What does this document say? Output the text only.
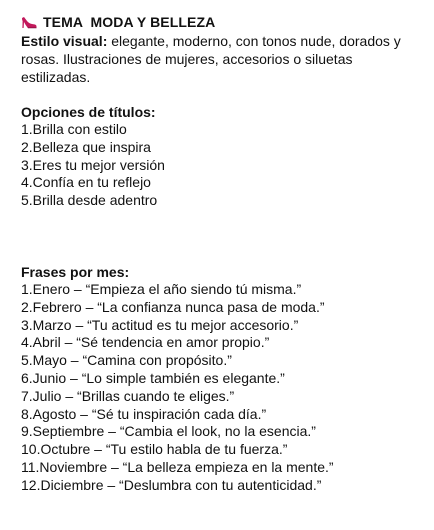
TEMA  MODA Y BELLEZA

Estilo visual: elegante, moderno, con tonos nude, dorados y rosas. Ilustraciones de mujeres, accesorios o siluetas estilizadas.

Opciones de títulos:

1.Brilla con estilo
2.Belleza que inspira
3.Eres tu mejor versión
4.Confía en tu reflejo
5.Brilla desde adentro

Frases por mes:

1.Enero – “Empieza el año siendo tú misma.”
2.Febrero – “La confianza nunca pasa de moda.”
3.Marzo – “Tu actitud es tu mejor accesorio.”
4.Abril – “Sé tendencia en amor propio.”
5.Mayo – “Camina con propósito.”
6.Junio – “Lo simple también es elegante.”
7.Julio – “Brillas cuando te eliges.”
8.Agosto – “Sé tu inspiración cada día.”
9.Septiembre – “Cambia el look, no la esencia.”
10.Octubre – “Tu estilo habla de tu fuerza.”
11.Noviembre – “La belleza empieza en la mente.”
12.Diciembre – “Deslumbra con tu autenticidad.”
